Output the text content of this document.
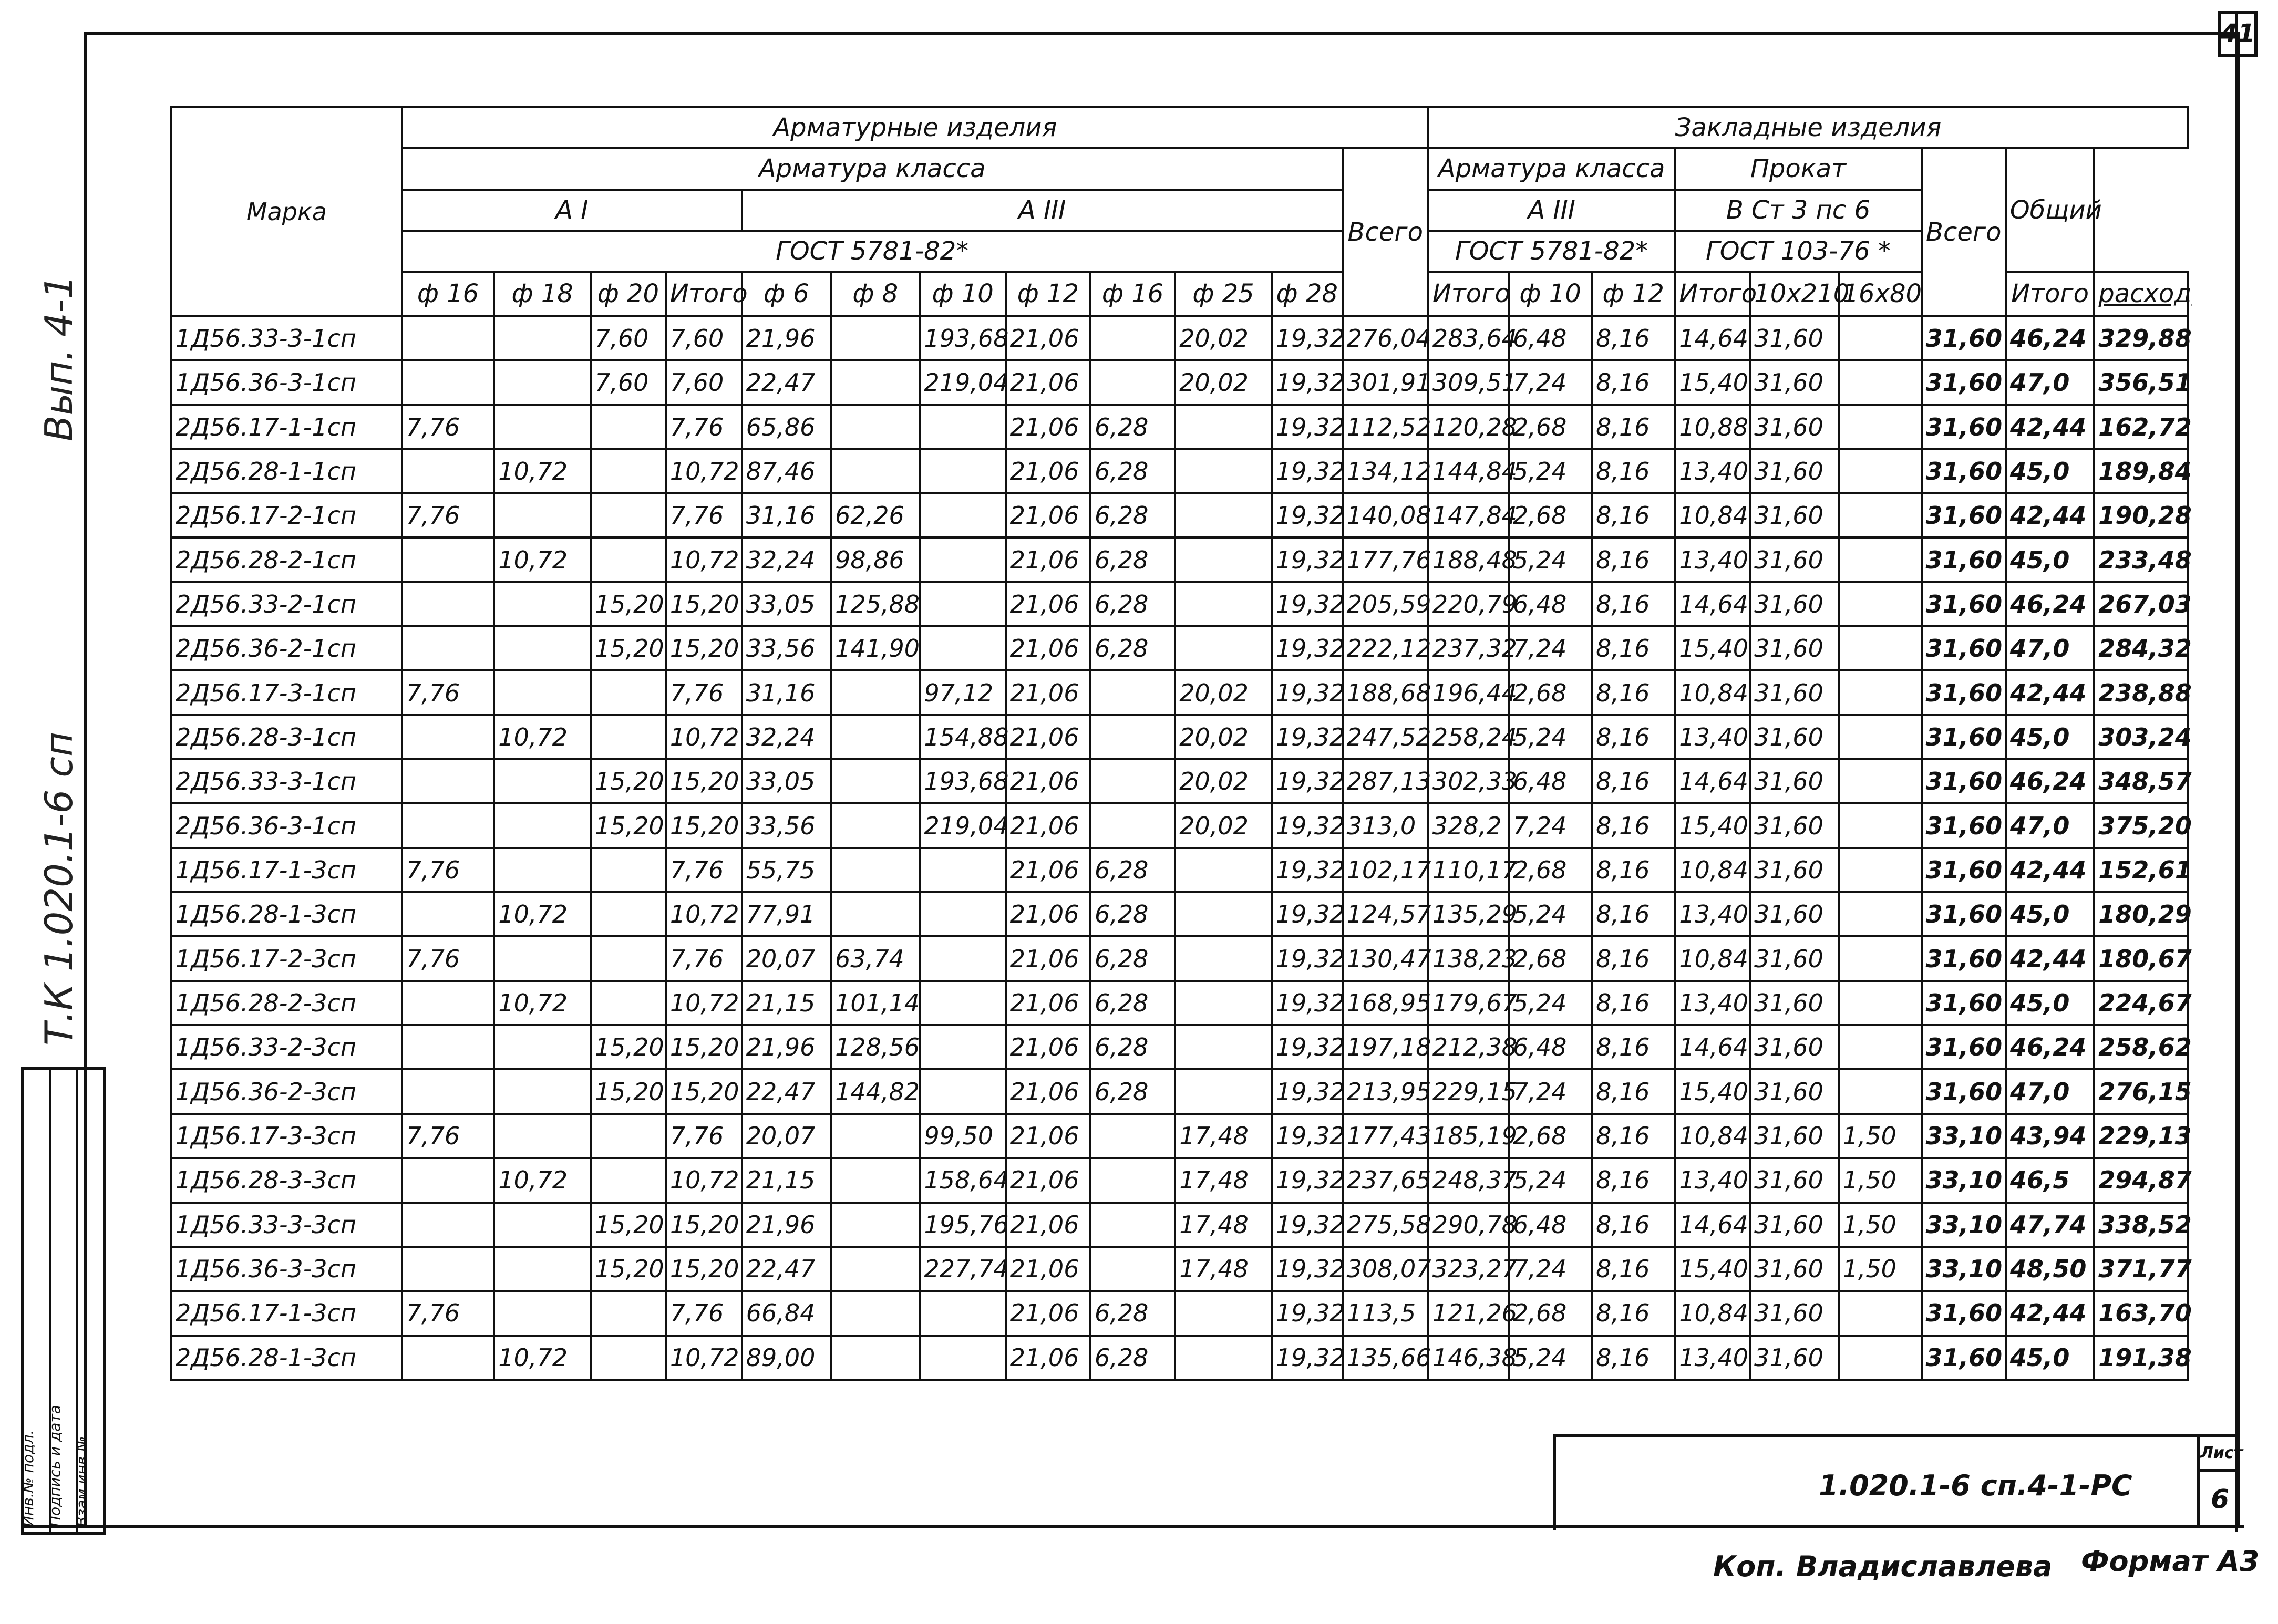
41
Вып. 4-1
Т.К 1.020.1-6 сп
Инв.№ подл. Подпись и дата Взам.инв.№
Марка	Арматурные изделия												Закладные изделия								
	Арматура класса											Всего	Арматура класса			Прокат			Всего	Общий	
	А I				А III								А III			В Ст 3 пс 6					
	ГОСТ 5781-82*												ГОСТ 5781-82*			ГОСТ 103-76 *					
	ф 16	ф 18	ф 20	Итого	ф 6	ф 8	ф 10	ф 12	ф 16	ф 25	ф 28		Итого	ф 10	ф 12	Итого	10х210	16х80		Итого	расход
1Д56.33-3-1сп			7,60	7,60	21,96		193,68	21,06		20,02	19,32	276,04	283,64	6,48	8,16	14,64	31,60		31,60	46,24	329,88
1Д56.36-3-1сп			7,60	7,60	22,47		219,04	21,06		20,02	19,32	301,91	309,51	7,24	8,16	15,40	31,60		31,60	47,0	356,51
2Д56.17-1-1сп	7,76			7,76	65,86			21,06	6,28		19,32	112,52	120,28	2,68	8,16	10,88	31,60		31,60	42,44	162,72
2Д56.28-1-1сп		10,72		10,72	87,46			21,06	6,28		19,32	134,12	144,84	5,24	8,16	13,40	31,60		31,60	45,0	189,84
2Д56.17-2-1сп	7,76			7,76	31,16	62,26		21,06	6,28		19,32	140,08	147,84	2,68	8,16	10,84	31,60		31,60	42,44	190,28
2Д56.28-2-1сп		10,72		10,72	32,24	98,86		21,06	6,28		19,32	177,76	188,48	5,24	8,16	13,40	31,60		31,60	45,0	233,48
2Д56.33-2-1сп			15,20	15,20	33,05	125,88		21,06	6,28		19,32	205,59	220,79	6,48	8,16	14,64	31,60		31,60	46,24	267,03
2Д56.36-2-1сп			15,20	15,20	33,56	141,90		21,06	6,28		19,32	222,12	237,32	7,24	8,16	15,40	31,60		31,60	47,0	284,32
2Д56.17-3-1сп	7,76			7,76	31,16		97,12	21,06		20,02	19,32	188,68	196,44	2,68	8,16	10,84	31,60		31,60	42,44	238,88
2Д56.28-3-1сп		10,72		10,72	32,24		154,88	21,06		20,02	19,32	247,52	258,24	5,24	8,16	13,40	31,60		31,60	45,0	303,24
2Д56.33-3-1сп			15,20	15,20	33,05		193,68	21,06		20,02	19,32	287,13	302,33	6,48	8,16	14,64	31,60		31,60	46,24	348,57
2Д56.36-3-1сп			15,20	15,20	33,56		219,04	21,06		20,02	19,32	313,0	328,2	7,24	8,16	15,40	31,60		31,60	47,0	375,20
1Д56.17-1-3сп	7,76			7,76	55,75			21,06	6,28		19,32	102,17	110,17	2,68	8,16	10,84	31,60		31,60	42,44	152,61
1Д56.28-1-3сп		10,72		10,72	77,91			21,06	6,28		19,32	124,57	135,29	5,24	8,16	13,40	31,60		31,60	45,0	180,29
1Д56.17-2-3сп	7,76			7,76	20,07	63,74		21,06	6,28		19,32	130,47	138,23	2,68	8,16	10,84	31,60		31,60	42,44	180,67
1Д56.28-2-3сп		10,72		10,72	21,15	101,14		21,06	6,28		19,32	168,95	179,67	5,24	8,16	13,40	31,60		31,60	45,0	224,67
1Д56.33-2-3сп			15,20	15,20	21,96	128,56		21,06	6,28		19,32	197,18	212,38	6,48	8,16	14,64	31,60		31,60	46,24	258,62
1Д56.36-2-3сп			15,20	15,20	22,47	144,82		21,06	6,28		19,32	213,95	229,15	7,24	8,16	15,40	31,60		31,60	47,0	276,15
1Д56.17-3-3сп	7,76			7,76	20,07		99,50	21,06		17,48	19,32	177,43	185,19	2,68	8,16	10,84	31,60	1,50	33,10	43,94	229,13
1Д56.28-3-3сп		10,72		10,72	21,15		158,64	21,06		17,48	19,32	237,65	248,37	5,24	8,16	13,40	31,60	1,50	33,10	46,5	294,87
1Д56.33-3-3сп			15,20	15,20	21,96		195,76	21,06		17,48	19,32	275,58	290,78	6,48	8,16	14,64	31,60	1,50	33,10	47,74	338,52
1Д56.36-3-3сп			15,20	15,20	22,47		227,74	21,06		17,48	19,32	308,07	323,27	7,24	8,16	15,40	31,60	1,50	33,10	48,50	371,77
2Д56.17-1-3сп	7,76			7,76	66,84			21,06	6,28		19,32	113,5	121,26	2,68	8,16	10,84	31,60		31,60	42,44	163,70
2Д56.28-1-3сп		10,72		10,72	89,00			21,06	6,28		19,32	135,66	146,38	5,24	8,16	13,40	31,60		31,60	45,0	191,38
1.020.1-6 сп.4-1-РС
Лист
6
Коп. Владиславлева Формат А3
